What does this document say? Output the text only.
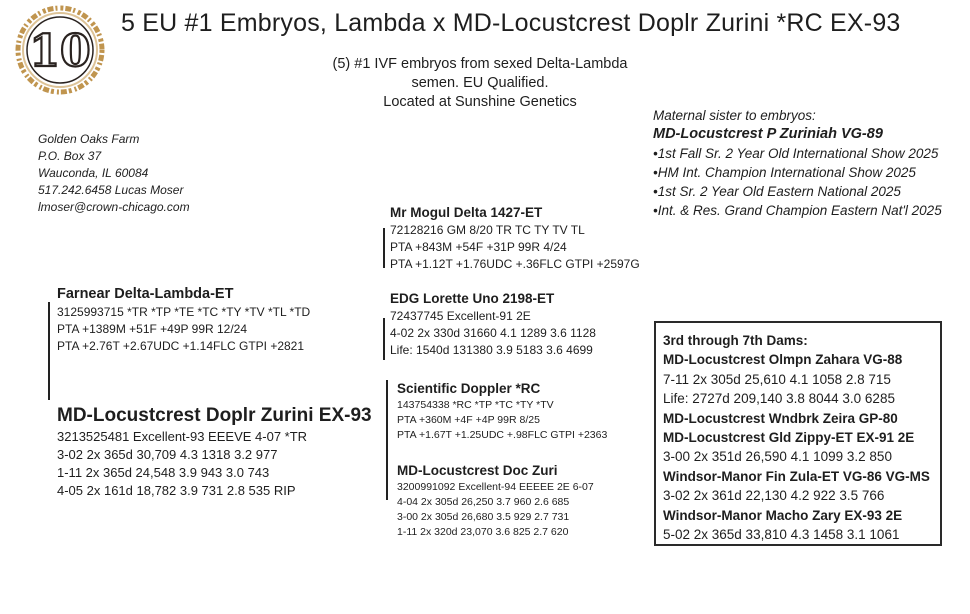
10
5 EU #1 Embryos, Lambda x MD-Locustcrest Doplr Zurini *RC EX-93
(5) #1 IVF embryos from sexed Delta-Lambda
semen. EU Qualified.
Located at Sunshine Genetics
Golden Oaks Farm
P.O. Box 37
Wauconda, IL 60084
517.242.6458 Lucas Moser
lmoser@crown-chicago.com
Maternal sister to embryos:
MD-Locustcrest P Zuriniah VG-89
•1st Fall Sr. 2 Year Old International Show 2025
•HM Int. Champion International Show 2025
•1st Sr. 2 Year Old Eastern National 2025
•Int. & Res. Grand Champion Eastern Nat'l 2025
Mr Mogul Delta 1427-ET
72128216 GM 8/20 TR TC TY TV TL
PTA +843M +54F +31P 99R 4/24
PTA +1.12T +1.76UDC +.36FLC GTPI +2597G
EDG Lorette Uno 2198-ET
72437745 Excellent-91 2E
4-02 2x 330d 31660 4.1 1289 3.6 1128
Life: 1540d 131380 3.9 5183 3.6 4699
Farnear Delta-Lambda-ET
3125993715 *TR *TP *TE *TC *TY *TV *TL *TD
PTA +1389M +51F +49P 99R 12/24
PTA +2.76T +2.67UDC +1.14FLC GTPI +2821
MD-Locustcrest Doplr Zurini EX-93
3213525481 Excellent-93 EEEVE 4-07 *TR
3-02 2x 365d 30,709 4.3 1318 3.2 977
1-11 2x 365d 24,548 3.9 943 3.0 743
4-05 2x 161d 18,782 3.9 731 2.8 535 RIP
Scientific Doppler *RC
143754338 *RC *TP *TC *TY *TV
PTA +360M +4F +4P 99R 8/25
PTA +1.67T +1.25UDC +.98FLC GTPI +2363
MD-Locustcrest Doc Zuri
3200991092 Excellent-94 EEEEE 2E 6-07
4-04 2x 305d 26,250 3.7 960 2.6 685
3-00 2x 305d 26,680 3.5 929 2.7 731
1-11 2x 320d 23,070 3.6 825 2.7 620
3rd through 7th Dams:
MD-Locustcrest Olmpn Zahara VG-88
7-11 2x 305d 25,610 4.1 1058 2.8 715
Life: 2727d 209,140 3.8 8044 3.0 6285
MD-Locustcrest Wndbrk Zeira GP-80
MD-Locustcrest Gld Zippy-ET EX-91 2E
3-00 2x 351d 26,590 4.1 1099 3.2 850
Windsor-Manor Fin Zula-ET VG-86 VG-MS
3-02 2x 361d 22,130 4.2 922 3.5 766
Windsor-Manor Macho Zary EX-93 2E
5-02 2x 365d 33,810 4.3 1458 3.1 1061
